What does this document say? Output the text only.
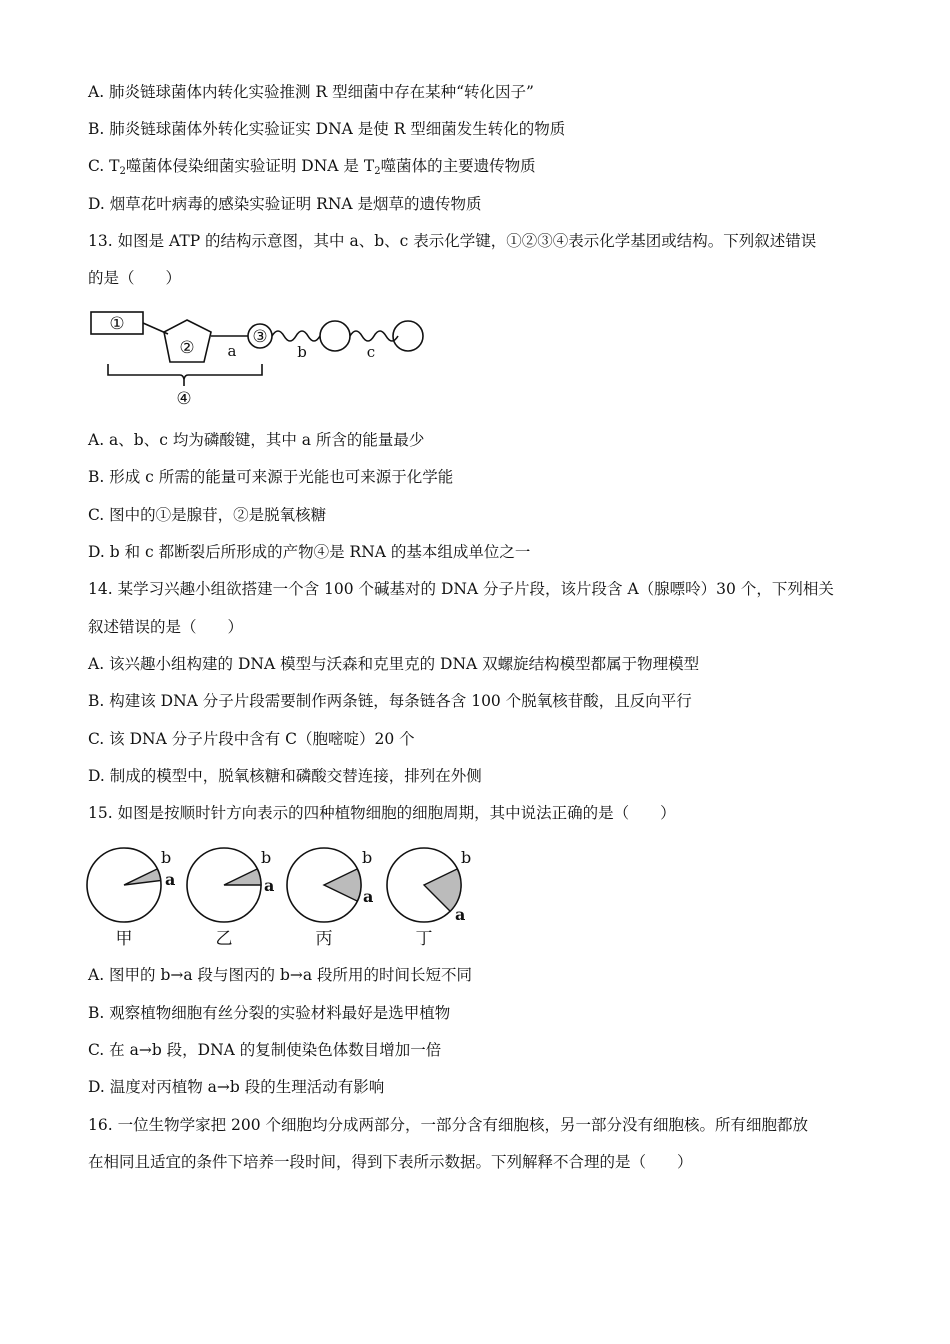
A. 肺炎链球菌体内转化实验推测 R 型细菌中存在某种“转化因子”
B. 肺炎链球菌体外转化实验证实 DNA 是使 R 型细菌发生转化的物质
C. $T_2$噬菌体侵染细菌实验证明 DNA 是 $T_2$噬菌体的主要遗传物质
D. 烟草花叶病毒的感染实验证明 RNA 是烟草的遗传物质
13. 如图是 ATP 的结构示意图，其中 a、b、c 表示化学键，①②③④表示化学基团或结构。下列叙述错误
的是（　　）
①
② a
③
b	c
④
A. a、b、c 均为磷酸键，其中 a 所含的能量最少
B. 形成 c 所需的能量可来源于光能也可来源于化学能
C. 图中的①是腺苷，②是脱氧核糖
D. b 和 c 都断裂后所形成的产物④是 RNA 的基本组成单位之一
14. 某学习兴趣小组欲搭建一个含 100 个碱基对的 DNA 分子片段，该片段含 A（腺嘌呤）30 个，下列相关
叙述错误的是（　　）
A. 该兴趣小组构建的 DNA 模型与沃森和克里克的 DNA 双螺旋结构模型都属于物理模型
B. 构建该 DNA 分子片段需要制作两条链，每条链各含 100 个脱氧核苷酸，且反向平行
C. 该 DNA 分子片段中含有 C（胞嘧啶）20 个
D. 制成的模型中，脱氧核糖和磷酸交替连接，排列在外侧
15. 如图是按顺时针方向表示的四种植物细胞的细胞周期，其中说法正确的是（　　）
b
a
甲
b
a
乙
b
a
丙
b
a
丁
A. 图甲的 b→a 段与图丙的 b→a 段所用的时间长短不同
B. 观察植物细胞有丝分裂的实验材料最好是选甲植物
C. 在 a→b 段，DNA 的复制使染色体数目增加一倍
D. 温度对丙植物 a→b 段的生理活动有影响
16. 一位生物学家把 200 个细胞均分成两部分，一部分含有细胞核，另一部分没有细胞核。所有细胞都放
在相同且适宜的条件下培养一段时间，得到下表所示数据。下列解释不合理的是（　　）
